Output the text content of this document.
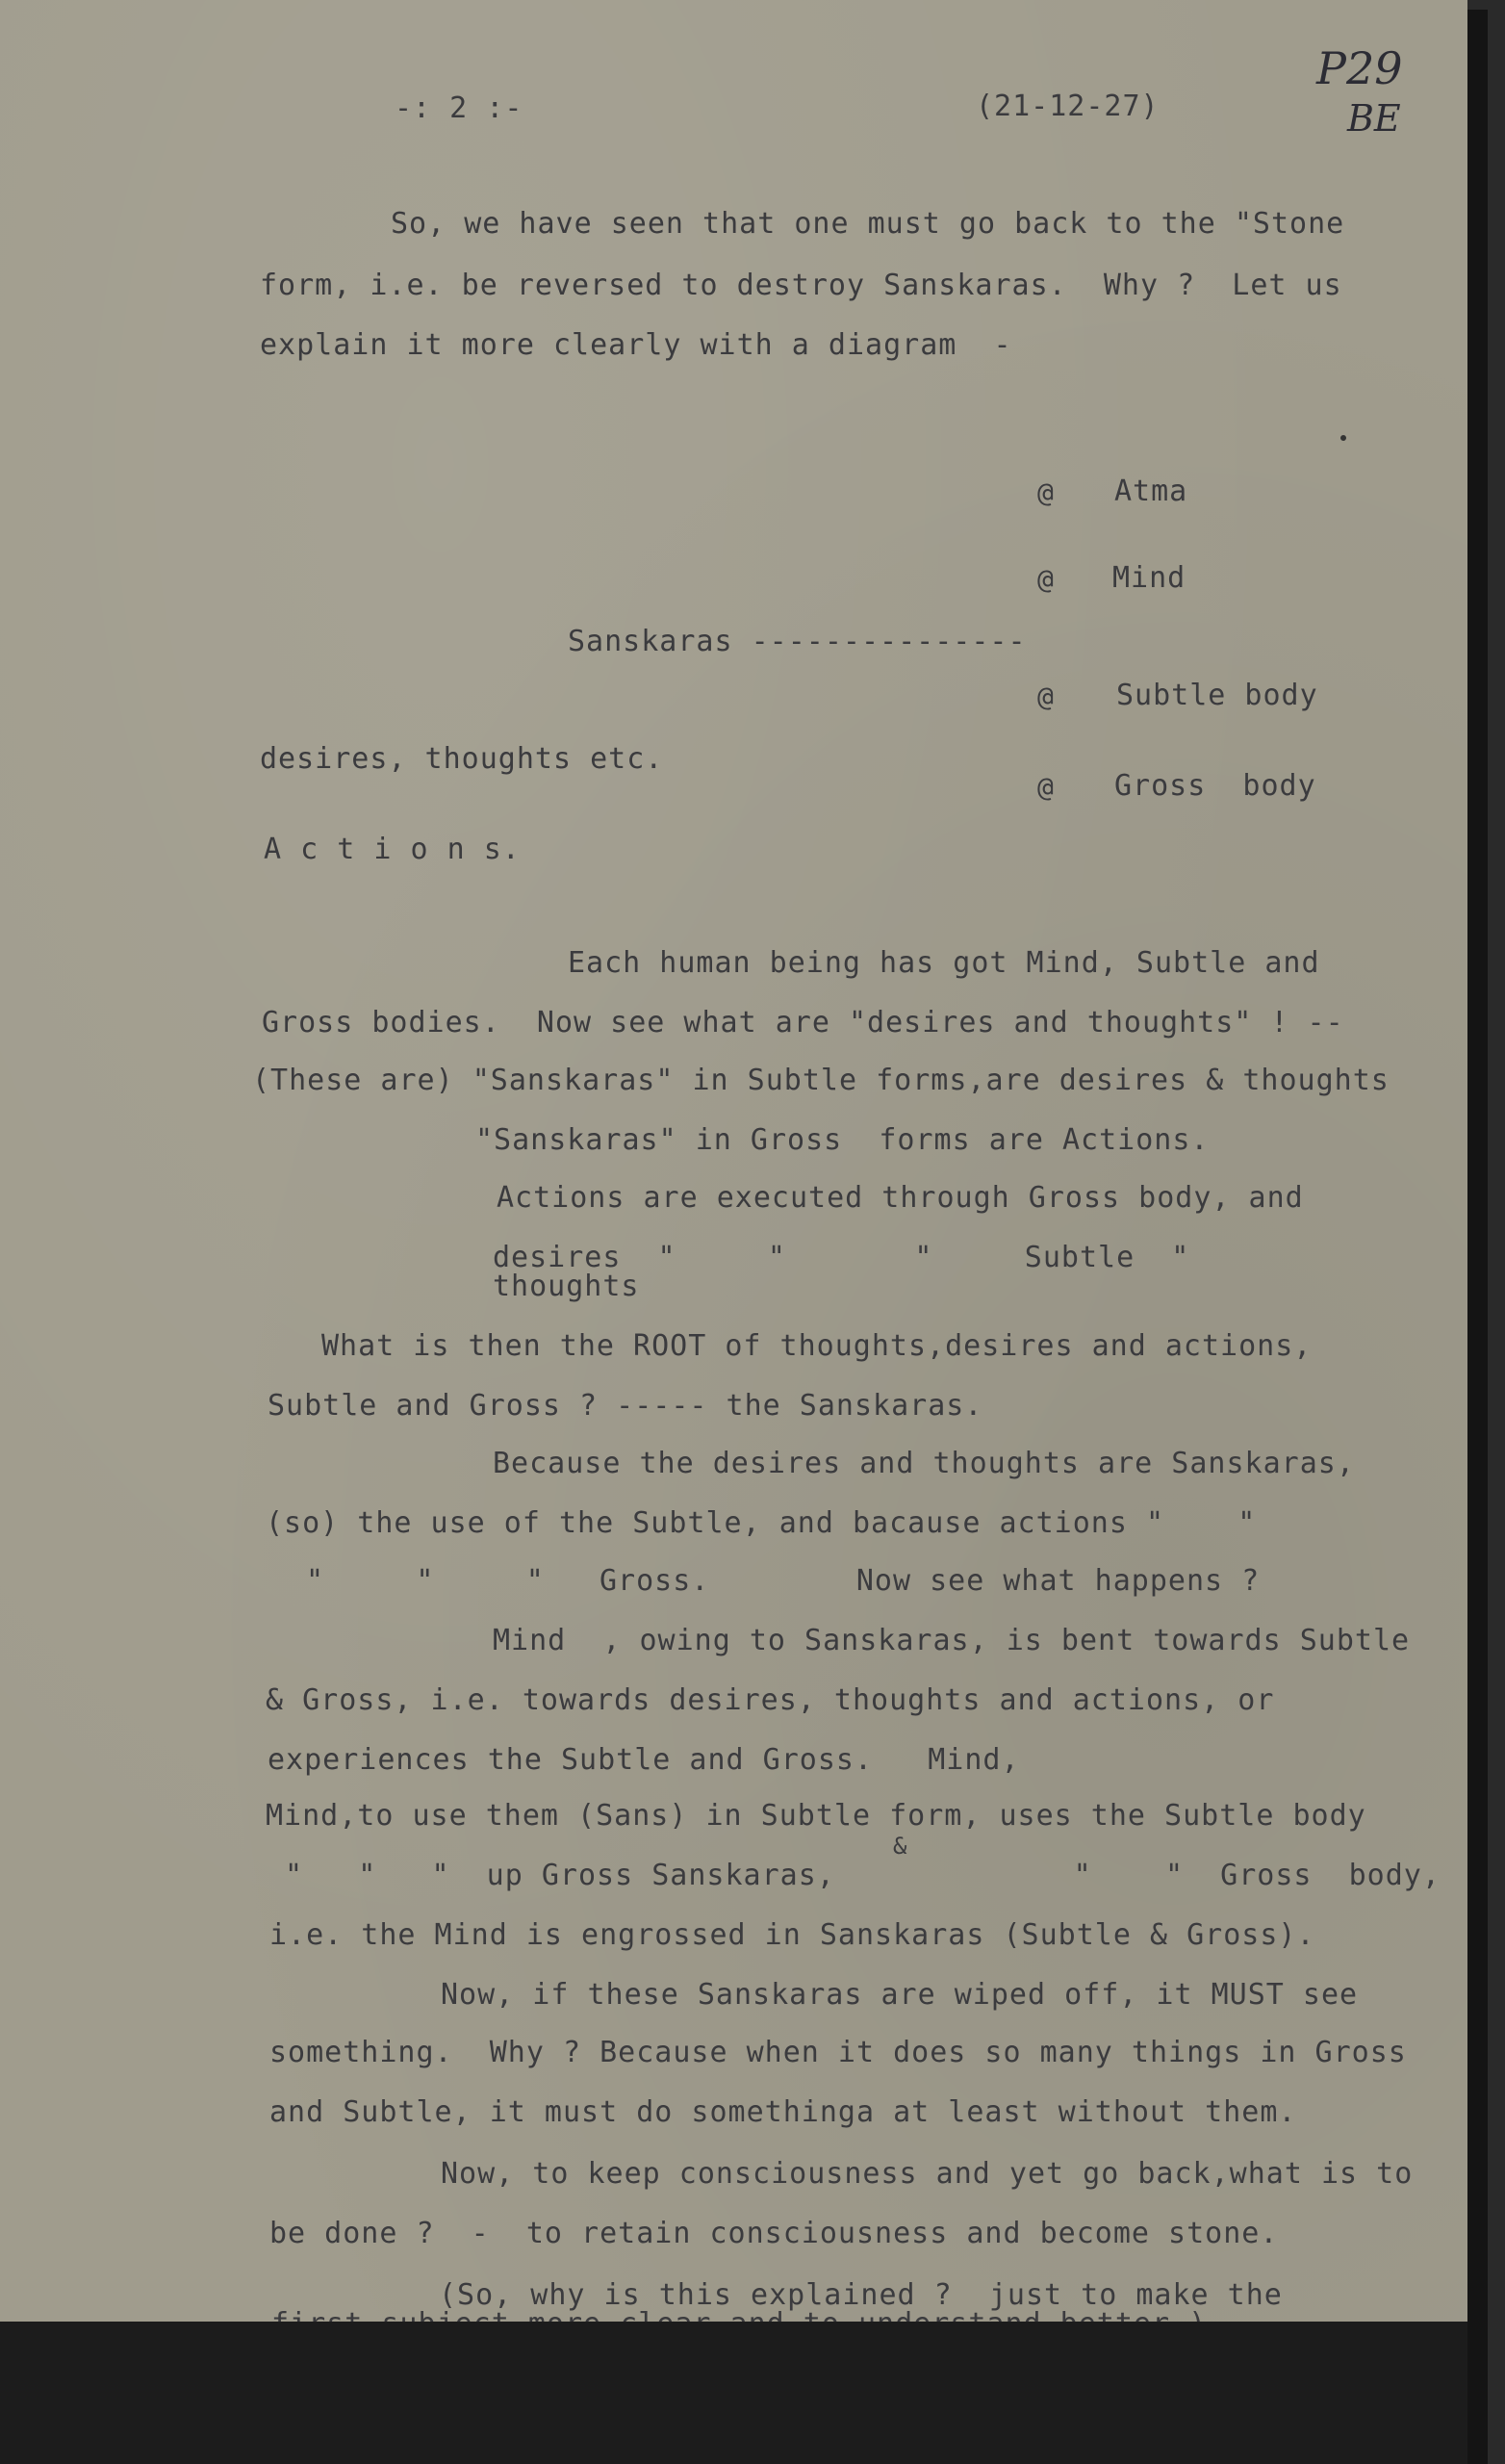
-: 2 :-	(21-12-27)
P29
BE
So, we have seen that one must go back to the "Stone
form, i.e. be reversed to destroy Sanskaras.  Why ?  Let us
explain it more clearly with a diagram  -
@ Atma
@ Mind
Sanskaras ---------------
@ Subtle body
desires, thoughts etc.
@ Gross  body
A c t i o n s.
Each human being has got Mind, Subtle and
Gross bodies.  Now see what are "desires and thoughts" ! --
(These are) "Sanskaras" in Subtle forms,are desires & thoughts
"Sanskaras" in Gross  forms are Actions.
Actions are executed through Gross body, and
desires  "     "       "     Subtle  "
thoughts
What is then the ROOT of thoughts,desires and actions,
Subtle and Gross ? ----- the Sanskaras.
Because the desires and thoughts are Sanskaras,
(so) the use of the Subtle, and bacause actions "    "
"     "     "   Gross.        Now see what happens ?
Mind  , owing to Sanskaras, is bent towards Subtle
& Gross, i.e. towards desires, thoughts and actions, or
experiences the Subtle and Gross.   Mind,
Mind,to use them (Sans) in Subtle form, uses the Subtle body
&
"   "   "  up Gross Sanskaras,             "    "  Gross  body,
i.e. the Mind is engrossed in Sanskaras (Subtle & Gross).
Now, if these Sanskaras are wiped off, it MUST see
something.  Why ? Because when it does so many things in Gross
and Subtle, it must do somethinga at least without them.
Now, to keep consciousness and yet go back,what is to
be done ?  -  to retain consciousness and become stone.
(So, why is this explained ?  just to make the
